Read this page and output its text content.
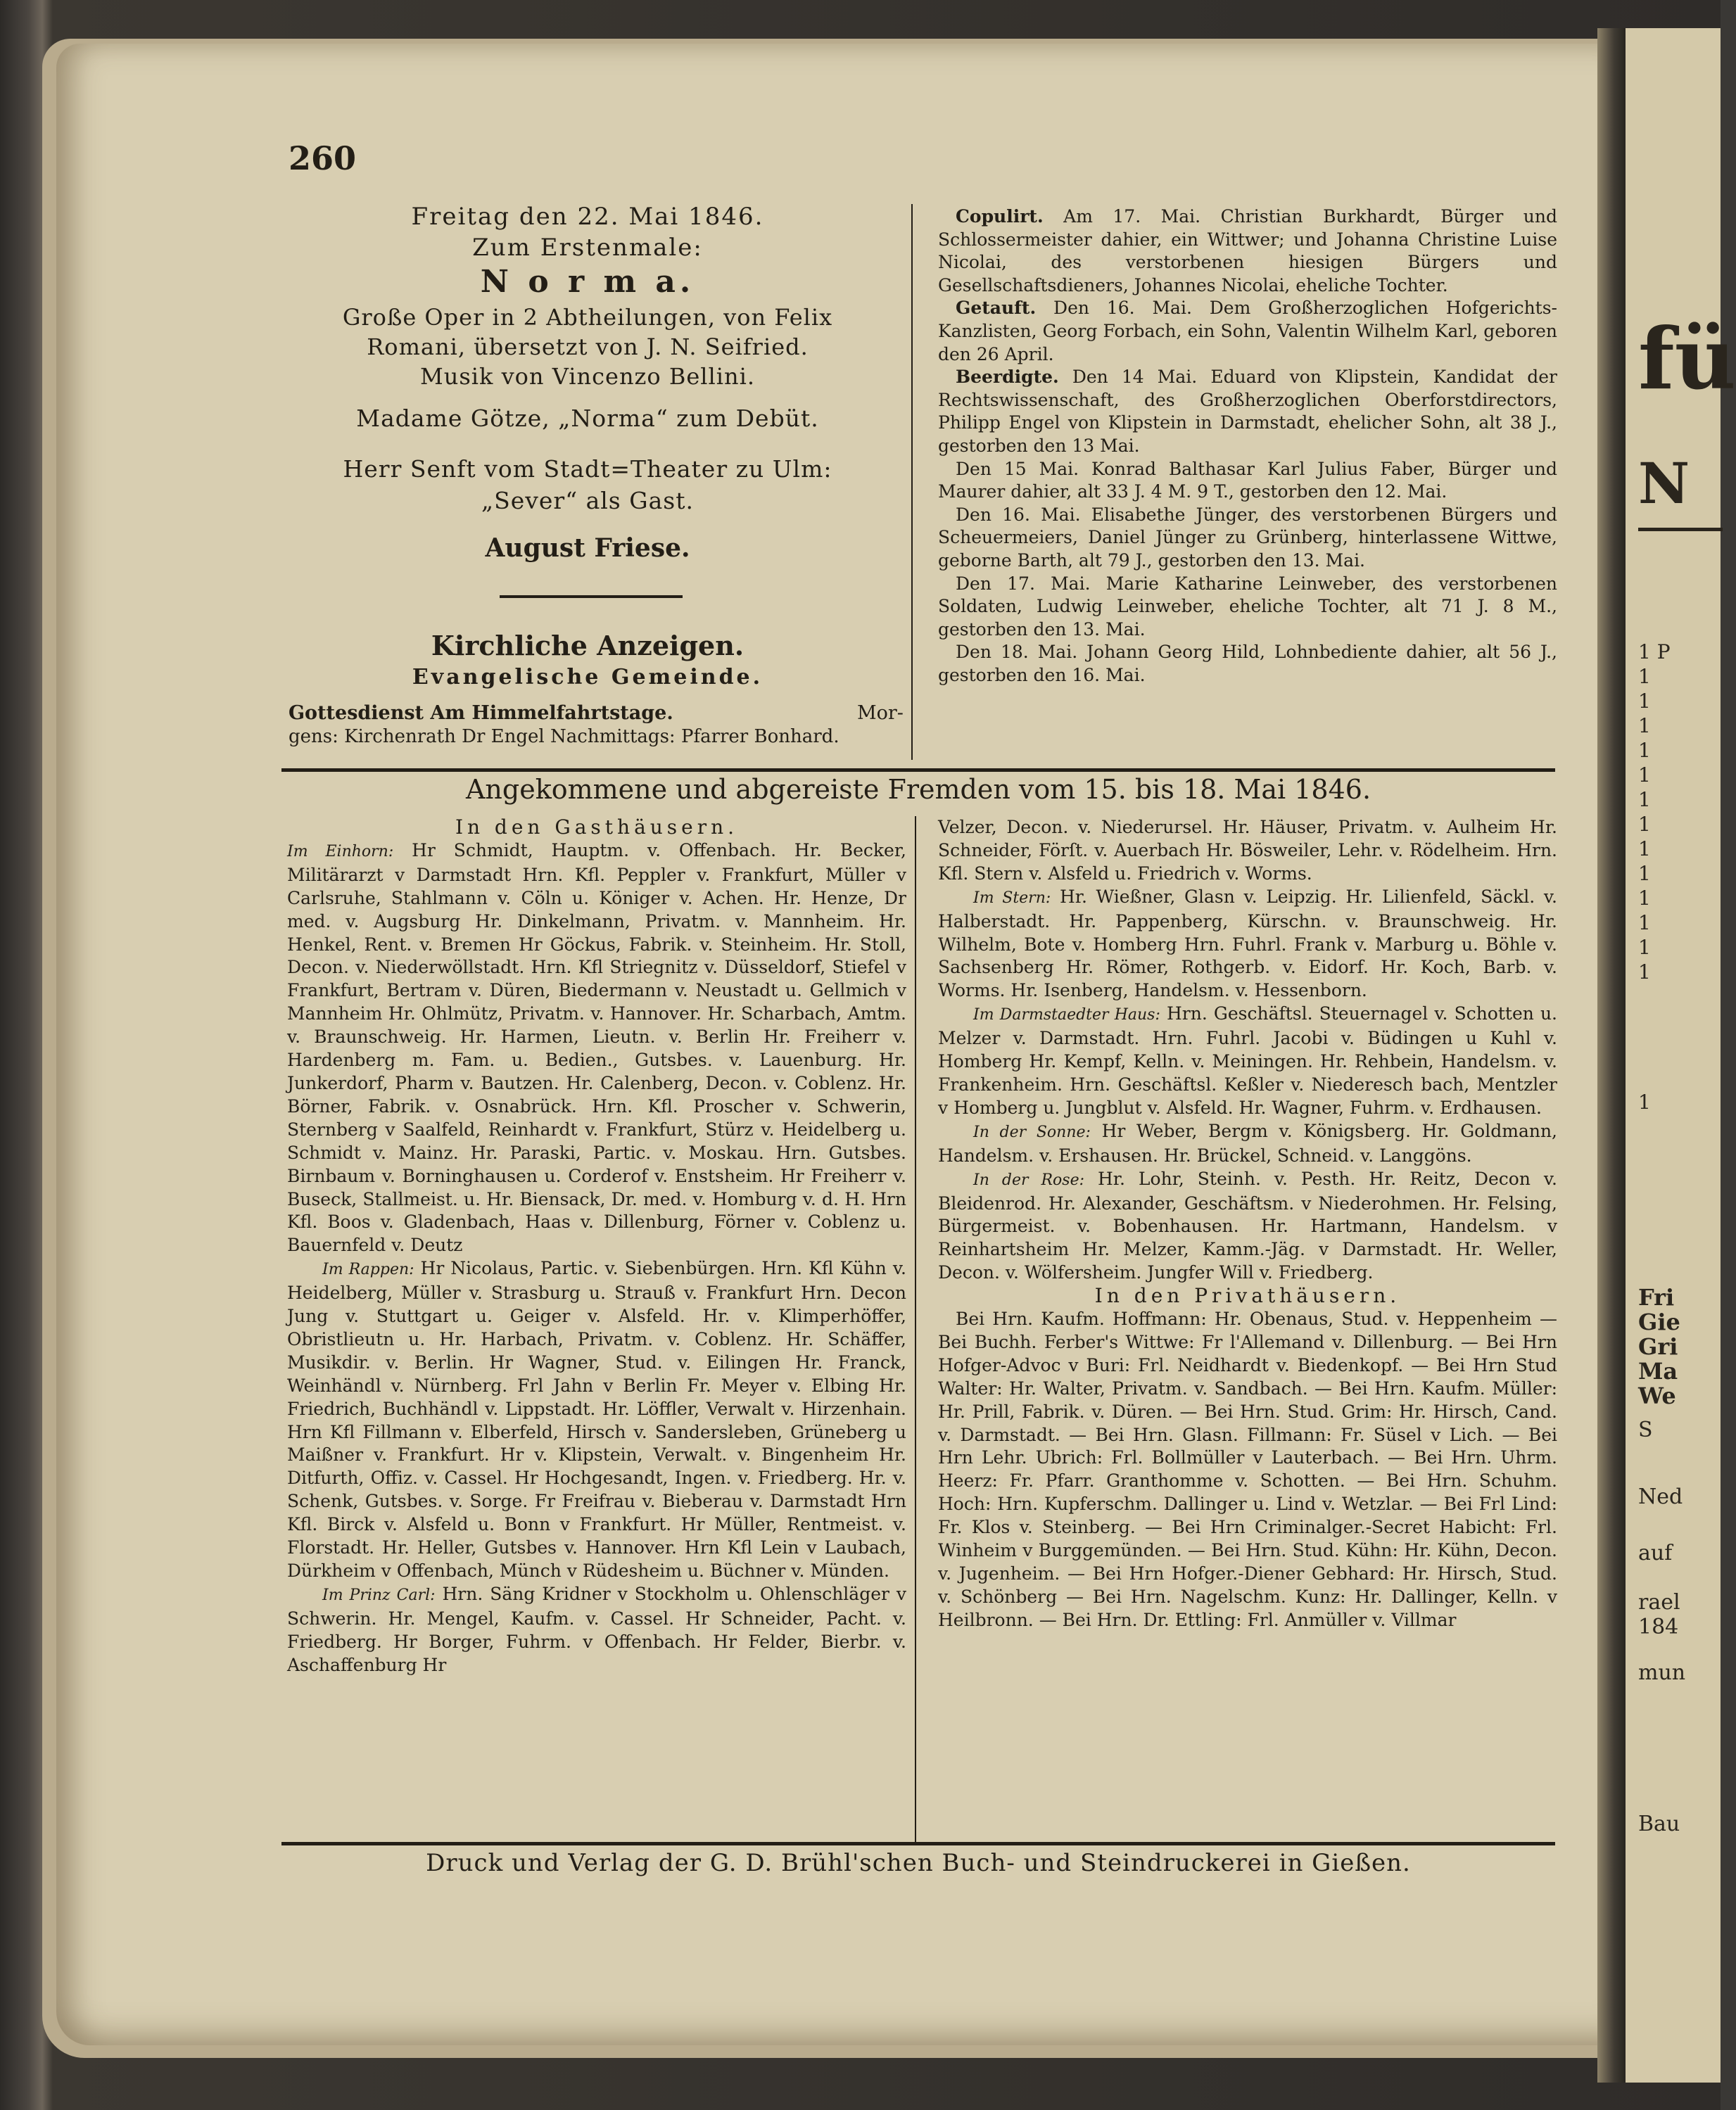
fü
N
1 P
1
1
1
1
1
1
1
1
1
1
1
1
1
1
Fri
Gie
Gri
Ma
We
S
Ned
auf
rael
184
mun
Bau
260
Freitag den 22. Mai 1846.
Zum Erstenmale:
N o r m a.
Große Oper in 2 Abtheilungen, von Felix
Romani, übersetzt von J. N. Seifried.
Musik von Vincenzo Bellini.
Madame Götze, „Norma“ zum Debüt.
Herr Senft vom Stadt=Theater zu Ulm:
„Sever“ als Gast.
August Friese.
Kirchliche Anzeigen.
Evangelische Gemeinde.
Gottesdienst Am Himmelfahrtstage.	Mor-
gens: Kirchenrath Dr Engel Nachmittags: Pfarrer Bonhard.

 Copulirt. Am 17. Mai. Christian Burkhardt, Bürger und Schlossermeister dahier, ein Wittwer; und Johanna Christine Luise Nicolai, des verstorbenen hiesigen Bürgers und Gesellschaftsdieners, Johannes Nicolai, eheliche Tochter.

 Getauft. Den 16. Mai. Dem Großherzoglichen Hofgerichts-Kanzlisten, Georg Forbach, ein Sohn, Valentin Wilhelm Karl, geboren den 26 April.

 Beerdigte. Den 14 Mai. Eduard von Klipstein, Kandidat der Rechtswissenschaft, des Großherzoglichen Oberforstdirectors, Philipp Engel von Klipstein in Darmstadt, ehelicher Sohn, alt 38 J., gestorben den 13 Mai.

 Den 15 Mai. Konrad Balthasar Karl Julius Faber, Bürger und Maurer dahier, alt 33 J. 4 M. 9 T., gestorben den 12. Mai.

 Den 16. Mai. Elisabethe Jünger, des verstorbenen Bürgers und Scheuermeiers, Daniel Jünger zu Grünberg, hinterlassene Wittwe, geborne Barth, alt 79 J., gestorben den 13. Mai.

 Den 17. Mai. Marie Katharine Leinweber, des verstorbenen Soldaten, Ludwig Leinweber, eheliche Tochter, alt 71 J. 8 M., gestorben den 13. Mai.

 Den 18. Mai. Johann Georg Hild, Lohnbediente dahier, alt 56 J., gestorben den 16. Mai.

Angekommene und abgereiste Fremden vom 15. bis 18. Mai 1846.
In den Gasthäusern.

Im Einhorn: Hr Schmidt, Hauptm. v. Offenbach. Hr. Becker, Militärarzt v Darmstadt Hrn. Kfl. Peppler v. Frankfurt, Müller v Carlsruhe, Stahlmann v. Cöln u. Königer v. Achen. Hr. Henze, Dr med. v. Augsburg Hr. Dinkelmann, Privatm. v. Mannheim. Hr. Henkel, Rent. v. Bremen Hr Göckus, Fabrik. v. Steinheim. Hr. Stoll, Decon. v. Niederwöllstadt. Hrn. Kfl Striegnitz v. Düsseldorf, Stiefel v Frankfurt, Bertram v. Düren, Biedermann v. Neustadt u. Gellmich v Mannheim Hr. Ohlmütz, Privatm. v. Hannover. Hr. Scharbach, Amtm. v. Braunschweig. Hr. Harmen, Lieutn. v. Berlin Hr. Freiherr v. Hardenberg m. Fam. u. Bedien., Gutsbes. v. Lauenburg. Hr. Junkerdorf, Pharm v. Bautzen. Hr. Calenberg, Decon. v. Coblenz. Hr. Börner, Fabrik. v. Osnabrück. Hrn. Kfl. Proscher v. Schwerin, Sternberg v Saalfeld, Reinhardt v. Frankfurt, Stürz v. Heidelberg u. Schmidt v. Mainz. Hr. Paraski, Partic. v. Moskau. Hrn. Gutsbes. Birnbaum v. Borninghausen u. Corderof v. Enstsheim. Hr Freiherr v. Buseck, Stallmeist. u. Hr. Biensack, Dr. med. v. Homburg v. d. H. Hrn Kfl. Boos v. Gladenbach, Haas v. Dillenburg, Förner v. Coblenz u. Bauernfeld v. Deutz

  Im Rappen: Hr Nicolaus, Partic. v. Siebenbürgen. Hrn. Kfl Kühn v. Heidelberg, Müller v. Strasburg u. Strauß v. Frankfurt Hrn. Decon Jung v. Stuttgart u. Geiger v. Alsfeld. Hr. v. Klimperhöffer, Obristlieutn u. Hr. Harbach, Privatm. v. Coblenz. Hr. Schäffer, Musikdir. v. Berlin. Hr Wagner, Stud. v. Eilingen Hr. Franck, Weinhändl v. Nürnberg. Frl Jahn v Berlin Fr. Meyer v. Elbing Hr. Friedrich, Buchhändl v. Lippstadt. Hr. Löffler, Verwalt v. Hirzenhain. Hrn Kfl Fillmann v. Elberfeld, Hirsch v. Sandersleben, Grüneberg u Maißner v. Frankfurt. Hr v. Klipstein, Verwalt. v. Bingenheim Hr. Ditfurth, Offiz. v. Cassel. Hr Hochgesandt, Ingen. v. Friedberg. Hr. v. Schenk, Gutsbes. v. Sorge. Fr Freifrau v. Bieberau v. Darmstadt Hrn Kfl. Birck v. Alsfeld u. Bonn v Frankfurt. Hr Müller, Rentmeist. v. Florstadt. Hr. Heller, Gutsbes v. Hannover. Hrn Kfl Lein v Laubach, Dürkheim v Offenbach, Münch v Rüdesheim u. Büchner v. Münden.

  Im Prinz Carl: Hrn. Säng Kridner v Stockholm u. Ohlenschläger v Schwerin. Hr. Mengel, Kaufm. v. Cassel. Hr Schneider, Pacht. v. Friedberg. Hr Borger, Fuhrm. v Offenbach. Hr Felder, Bierbr. v. Aschaffenburg Hr

Velzer, Decon. v. Niederursel. Hr. Häuser, Privatm. v. Aulheim Hr. Schneider, Förſt. v. Auerbach Hr. Bösweiler, Lehr. v. Rödelheim. Hrn. Kfl. Stern v. Alsfeld u. Friedrich v. Worms.

  Im Stern: Hr. Wießner, Glasn v. Leipzig. Hr. Lilienfeld, Säckl. v. Halberstadt. Hr. Pappenberg, Kürschn. v. Braunschweig. Hr. Wilhelm, Bote v. Homberg Hrn. Fuhrl. Frank v. Marburg u. Böhle v. Sachsenberg Hr. Römer, Rothgerb. v. Eidorf. Hr. Koch, Barb. v. Worms. Hr. Isenberg, Handelsm. v. Hessenborn.

  Im Darmstaedter Haus: Hrn. Geschäftsl. Steuernagel v. Schotten u. Melzer v. Darmstadt. Hrn. Fuhrl. Jacobi v. Büdingen u Kuhl v. Homberg Hr. Kempf, Kelln. v. Meiningen. Hr. Rehbein, Handelsm. v. Frankenheim. Hrn. Geschäftsl. Keßler v. Niederesch bach, Mentzler v Homberg u. Jungblut v. Alsfeld. Hr. Wagner, Fuhrm. v. Erdhausen.

  In der Sonne: Hr Weber, Bergm v. Königsberg. Hr. Goldmann, Handelsm. v. Ershausen. Hr. Brückel, Schneid. v. Langgöns.

  In der Rose: Hr. Lohr, Steinh. v. Pesth. Hr. Reitz, Decon v. Bleidenrod. Hr. Alexander, Geschäftsm. v Niederohmen. Hr. Felsing, Bürgermeist. v. Bobenhausen. Hr. Hartmann, Handelsm. v Reinhartsheim Hr. Melzer, Kamm.-Jäg. v Darmstadt. Hr. Weller, Decon. v. Wölfersheim. Jungfer Will v. Friedberg.

In den Privathäusern.

 Bei Hrn. Kaufm. Hoffmann: Hr. Obenaus, Stud. v. Heppenheim — Bei Buchh. Ferber's Wittwe: Fr l'Allemand v. Dillenburg. — Bei Hrn Hofger-Advoc v Buri: Frl. Neidhardt v. Biedenkopf. — Bei Hrn Stud Walter: Hr. Walter, Privatm. v. Sandbach. — Bei Hrn. Kaufm. Müller: Hr. Prill, Fabrik. v. Düren. — Bei Hrn. Stud. Grim: Hr. Hirsch, Cand. v. Darmstadt. — Bei Hrn. Glasn. Fillmann: Fr. Süsel v Lich. — Bei Hrn Lehr. Ubrich: Frl. Bollmüller v Lauterbach. — Bei Hrn. Uhrm. Heerz: Fr. Pfarr. Granthomme v. Schotten. — Bei Hrn. Schuhm. Hoch: Hrn. Kupferschm. Dallinger u. Lind v. Wetzlar. — Bei Frl Lind: Fr. Klos v. Steinberg. — Bei Hrn Criminalger.-Secret Habicht: Frl. Winheim v Burggemünden. — Bei Hrn. Stud. Kühn: Hr. Kühn, Decon. v. Jugenheim. — Bei Hrn Hofger.-Diener Gebhard: Hr. Hirsch, Stud. v. Schönberg — Bei Hrn. Nagelschm. Kunz: Hr. Dallinger, Kelln. v Heilbronn. — Bei Hrn. Dr. Ettling: Frl. Anmüller v. Villmar

Druck und Verlag der G. D. Brühl'schen Buch- und Steindruckerei in Gießen.
